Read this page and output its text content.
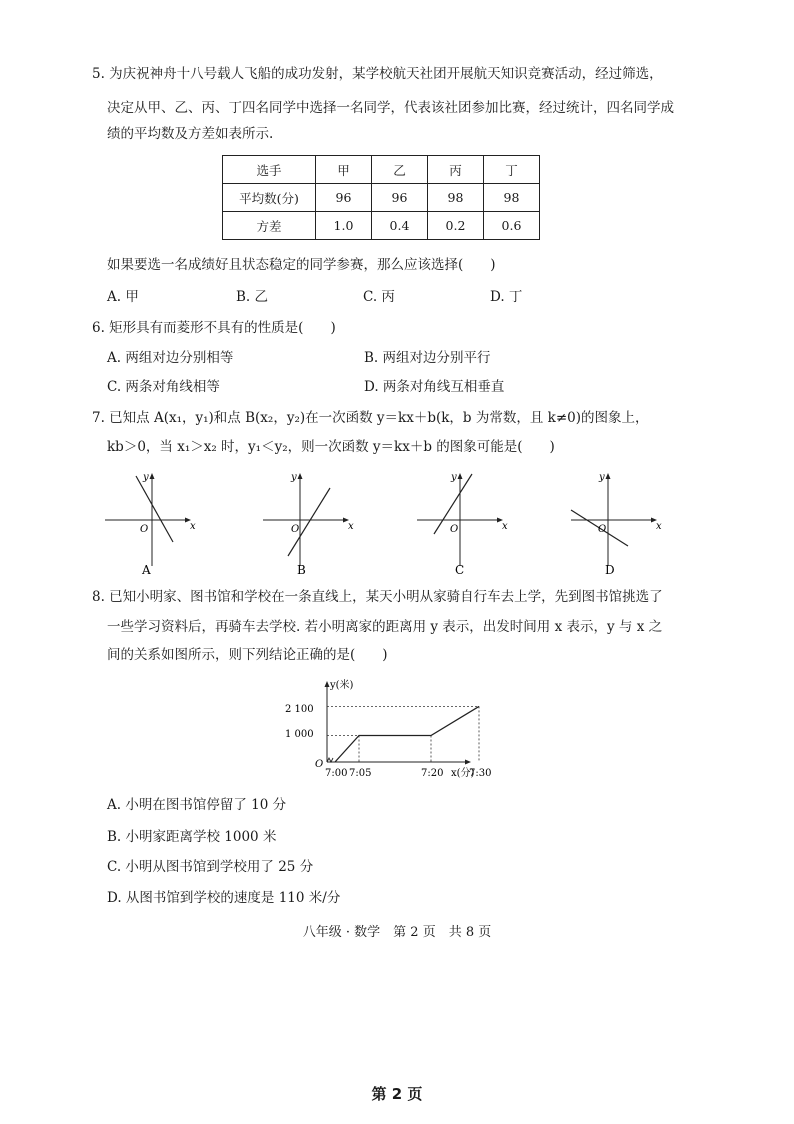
5. 为庆祝神舟十八号载人飞船的成功发射，某学校航天社团开展航天知识竞赛活动，经过筛选，
决定从甲、乙、丙、丁四名同学中选择一名同学，代表该社团参加比赛，经过统计，四名同学成
绩的平均数及方差如表所示.
选手	甲	乙	丙	丁
平均数(分)	96	96	98	98
方差	1.0	0.4	0.2	0.6
如果要选一名成绩好且状态稳定的同学参赛，那么应该选择(　　)
A. 甲	B. 乙	C. 丙	D. 丁
6. 矩形具有而菱形不具有的性质是(　　)
A. 两组对边分别相等	B. 两组对边分别平行
C. 两条对角线相等	D. 两条对角线互相垂直
7. 已知点 A(x₁，y₁)和点 B(x₂，y₂)在一次函数 y＝kx＋b(k，b 为常数，且 k≠0)的图象上，
kb＞0，当 x₁＞x₂ 时，y₁＜y₂，则一次函数 y＝kx＋b 的图象可能是(　　)
x
y
O
A
x
y
O
B
x
y
O
C
x
y
O
D
8. 已知小明家、图书馆和学校在一条直线上，某天小明从家骑自行车去上学，先到图书馆挑选了
一些学习资料后，再骑车去学校. 若小明离家的距离用 y 表示，出发时间用 x 表示，y 与 x 之
间的关系如图所示，则下列结论正确的是(　　)
y(米)
x(分)
O
1 000
2 100
7:00 7:05	7:20	7:30
A. 小明在图书馆停留了 10 分
B. 小明家距离学校 1000 米
C. 小明从图书馆到学校用了 25 分
D. 从图书馆到学校的速度是 110 米/分
八年级 · 数学　第 2 页　共 8 页
第 2 页
